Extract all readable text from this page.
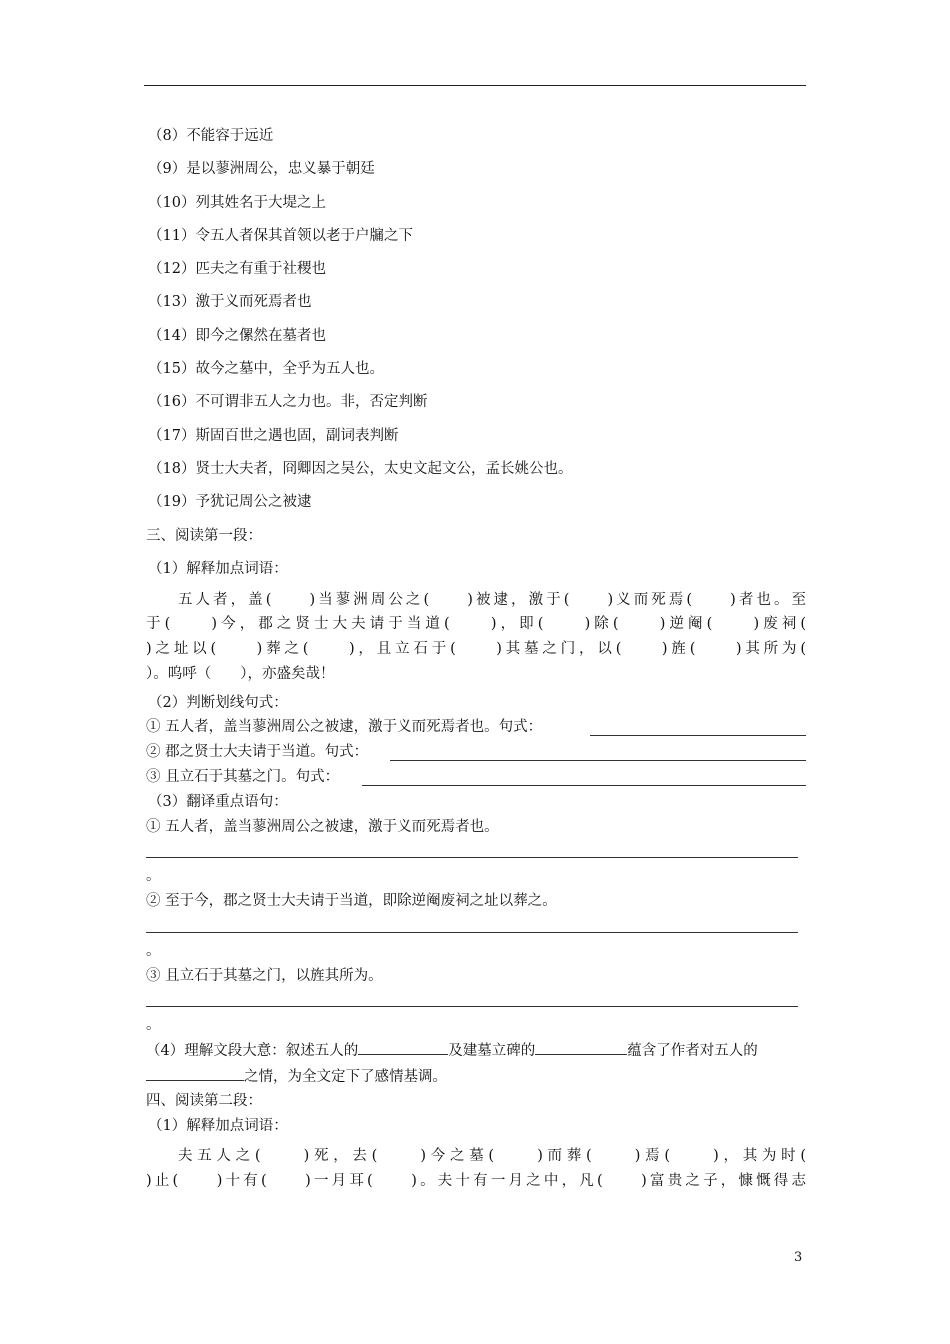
（8）不能容于远近
（9）是以蓼洲周公，忠义暴于朝廷
（10）列其姓名于大堤之上
（11）令五人者保其首领以老于户牖之下
（12）匹夫之有重于社稷也
（13）激于义而死焉者也
（14）即今之傫然在墓者也
（15）故今之墓中，全乎为五人也。
（16）不可谓非五人之力也。非，否定判断
（17）斯固百世之遇也固，副词表判断
（18）贤士大夫者，冏卿因之吴公，太史文起文公，孟长姚公也。
（19）予犹记周公之被逮
三、阅读第一段：
（1）解释加点词语：
五人者，盖(　　)当蓼洲周公之(　　)被逮，激于(　　)义而死焉(　　)者也。至
于(　　)今，郡之贤士大夫请于当道(　　)，即(　　)除(　　)逆阉(　　)废祠(
)之址以(　　)葬之(　　)，且立石于(　　)其墓之门，以(　　)旌(　　)其所为(
）。呜呼（　　），亦盛矣哉！
（2）判断划线句式：
① 五人者，盖当蓼洲周公之被逮，激于义而死焉者也。句式：
② 郡之贤士大夫请于当道。句式：
③ 且立石于其墓之门。句式：
（3）翻译重点语句：
① 五人者，盖当蓼洲周公之被逮，激于义而死焉者也。
。
② 至于今，郡之贤士大夫请于当道，即除逆阉废祠之址以葬之。
。
③ 且立石于其墓之门，以旌其所为。
。
（4）理解文段大意：叙述五人的	及建墓立碑的	蕴含了作者对五人的
之情，为全文定下了感情基调。
四、阅读第二段：
（1）解释加点词语：
夫五人之(　　)死，去(　　)今之墓(　　)而葬(　　)焉(　　)，其为时(
)止(　　)十有(　　)一月耳(　　)。夫十有一月之中，凡(　　)富贵之子，慷慨得志
3
